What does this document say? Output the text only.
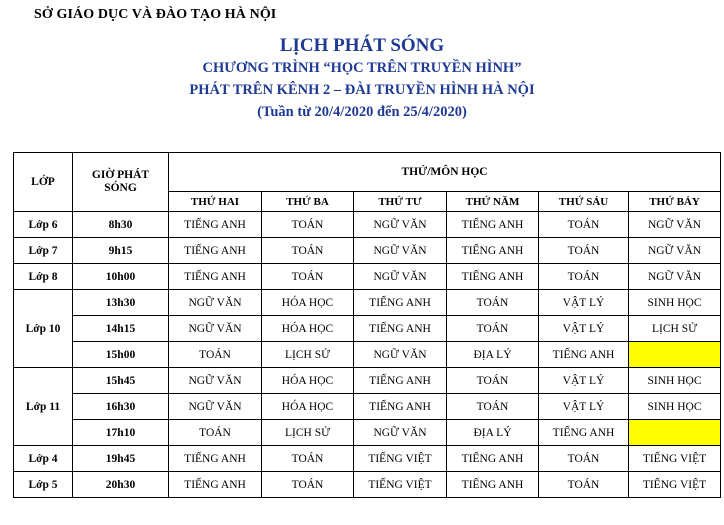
SỞ GIÁO DỤC VÀ ĐÀO TẠO HÀ NỘI
LỊCH PHÁT SÓNG
CHƯƠNG TRÌNH “HỌC TRÊN TRUYỀN HÌNH”
PHÁT TRÊN KÊNH 2 – ĐÀI TRUYỀN HÌNH HÀ NỘI
(Tuần từ 20/4/2020 đến 25/4/2020)
LỚP	GIỜ PHÁT SÓNG	THỨ/MÔN HỌC					
		THỨ HAI	THỨ BA	THỨ TƯ	THỨ NĂM	THỨ SÁU	THỨ BẢY
Lớp 6	8h30	TIẾNG ANH	TOÁN	NGỮ VĂN	TIẾNG ANH	TOÁN	NGỮ VĂN
Lớp 7	9h15	TIẾNG ANH	TOÁN	NGỮ VĂN	TIẾNG ANH	TOÁN	NGỮ VĂN
Lớp 8	10h00	TIẾNG ANH	TOÁN	NGỮ VĂN	TIẾNG ANH	TOÁN	NGỮ VĂN
Lớp 10	13h30	NGỮ VĂN	HÓA HỌC	TIẾNG ANH	TOÁN	VẬT LÝ	SINH HỌC
	14h15	NGỮ VĂN	HÓA HỌC	TIẾNG ANH	TOÁN	VẬT LÝ	LỊCH SỬ
	15h00	TOÁN	LỊCH SỬ	NGỮ VĂN	ĐỊA LÝ	TIẾNG ANH	
Lớp 11	15h45	NGỮ VĂN	HÓA HỌC	TIẾNG ANH	TOÁN	VẬT LÝ	SINH HỌC
	16h30	NGỮ VĂN	HÓA HỌC	TIẾNG ANH	TOÁN	VẬT LÝ	SINH HỌC
	17h10	TOÁN	LỊCH SỬ	NGỮ VĂN	ĐỊA LÝ	TIẾNG ANH	
Lớp 4	19h45	TIẾNG ANH	TOÁN	TIẾNG VIỆT	TIẾNG ANH	TOÁN	TIẾNG VIỆT
Lớp 5	20h30	TIẾNG ANH	TOÁN	TIẾNG VIỆT	TIẾNG ANH	TOÁN	TIẾNG VIỆT
